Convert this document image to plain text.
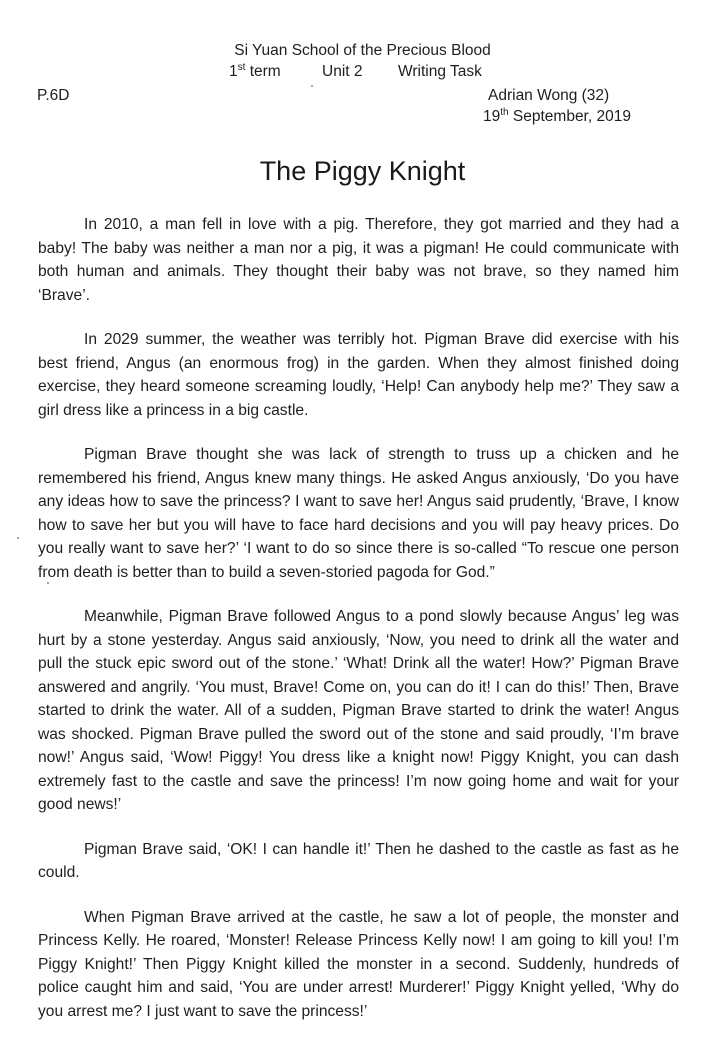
Si Yuan School of the Precious Blood
1st term	Unit 2 Writing Task
P.6D	Adrian Wong (32)
19th September, 2019
The Piggy Knight

In 2010, a man fell in love with a pig. Therefore, they got married and they had a baby! The baby was neither a man nor a pig, it was a pigman! He could communicate with both human and animals. They thought their baby was not brave, so they named him ‘Brave’.

In 2029 summer, the weather was terribly hot. Pigman Brave did exercise with his best friend, Angus (an enormous frog) in the garden. When they almost finished doing exercise, they heard someone screaming loudly, ‘Help! Can anybody help me?’ They saw a girl dress like a princess in a big castle.

Pigman Brave thought she was lack of strength to truss up a chicken and he remembered his friend, Angus knew many things. He asked Angus anxiously, ‘Do you have any ideas how to save the princess? I want to save her! Angus said prudently, ‘Brave, I know how to save her but you will have to face hard decisions and you will pay heavy prices. Do you really want to save her?’ ‘I want to do so since there is so-called “To rescue one person from death is better than to build a seven-storied pagoda for God.”

Meanwhile, Pigman Brave followed Angus to a pond slowly because Angus’ leg was hurt by a stone yesterday. Angus said anxiously, ‘Now, you need to drink all the water and pull the stuck epic sword out of the stone.’ ‘What! Drink all the water! How?’ Pigman Brave answered and angrily. ‘You must, Brave! Come on, you can do it! I can do this!’ Then, Brave started to drink the water. All of a sudden, Pigman Brave started to drink the water! Angus was shocked. Pigman Brave pulled the sword out of the stone and said proudly, ‘I’m brave now!’ Angus said, ‘Wow! Piggy! You dress like a knight now! Piggy Knight, you can dash extremely fast to the castle and save the princess! I’m now going home and wait for your good news!’

Pigman Brave said, ‘OK! I can handle it!’ Then he dashed to the castle as fast as he could.

When Pigman Brave arrived at the castle, he saw a lot of people, the monster and Princess Kelly. He roared, ‘Monster! Release Princess Kelly now! I am going to kill you! I’m Piggy Knight!’ Then Piggy Knight killed the monster in a second. Suddenly, hundreds of police caught him and said, ‘You are under arrest! Murderer!’ Piggy Knight yelled, ‘Why do you arrest me? I just want to save the princess!’
